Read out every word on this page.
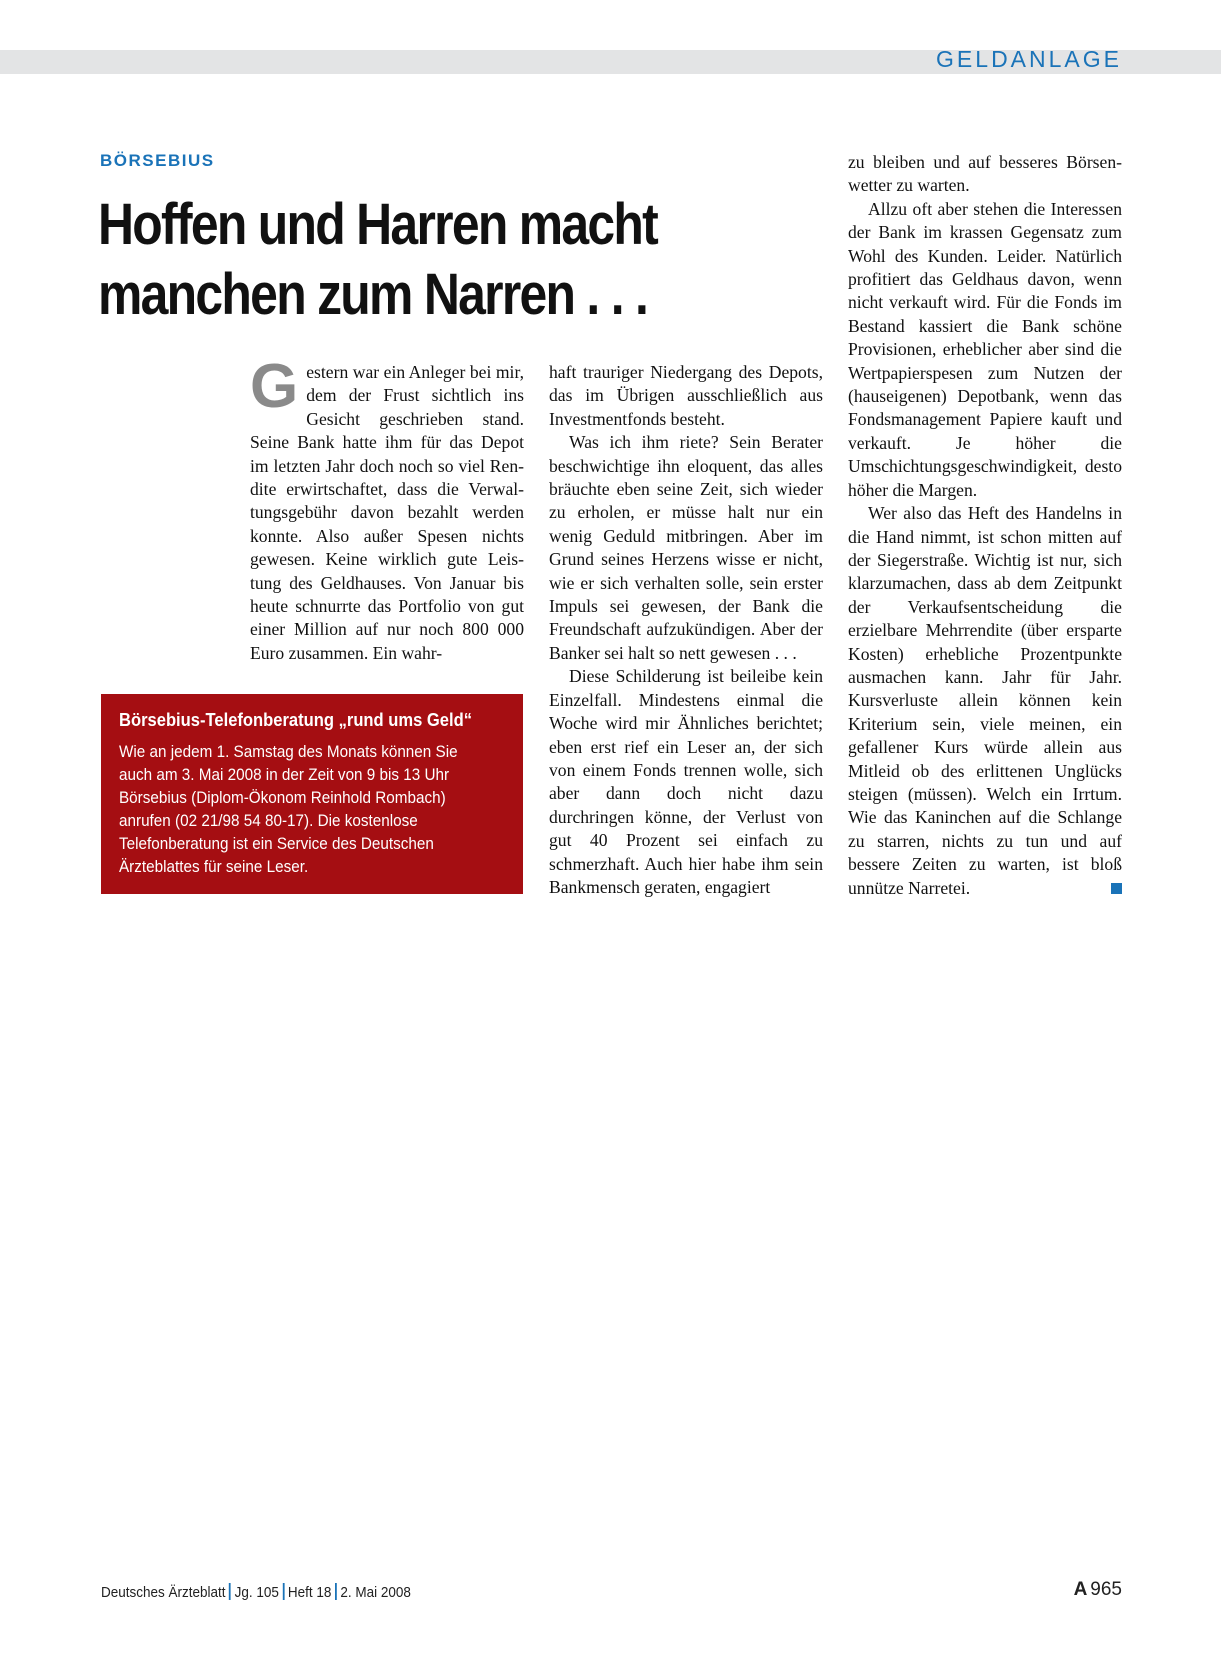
GELDANLAGE
BÖRSEBIUS
Hoffen und Harren macht
manchen zum Narren . . .

Gestern war ein Anleger bei mir, dem der Frust sichtlich ins Gesicht geschrieben stand. Seine Bank hatte ihm für das Depot im letzten Jahr doch noch so viel Rendite erwirtschaftet, dass die Verwaltungsgebühr davon bezahlt werden konnte. Also außer Spesen nichts gewesen. Keine wirklich gute Leistung des Geldhauses. Von Januar bis heute schnurrte das Portfolio von gut einer Million auf nur noch 800 000 Euro zusammen. Ein wahr-

haft trauriger Niedergang des Depots, das im Übrigen ausschließlich aus Investmentfonds besteht.

Was ich ihm riete? Sein Berater beschwichtige ihn eloquent, das alles bräuchte eben seine Zeit, sich wieder zu erholen, er müsse halt nur ein wenig Geduld mitbringen. Aber im Grund seines Herzens wisse er nicht, wie er sich verhalten solle, sein erster Impuls sei gewesen, der Bank die Freundschaft aufzukündigen. Aber der Banker sei halt so nett gewesen . . .

Diese Schilderung ist beileibe kein Einzelfall. Mindestens einmal die Woche wird mir Ähnliches berichtet; eben erst rief ein Leser an, der sich von einem Fonds trennen wolle, sich aber dann doch nicht dazu durchringen könne, der Verlust von gut 40 Prozent sei einfach zu schmerzhaft. Auch hier habe ihm sein Bankmensch geraten, engagiert

zu bleiben und auf besseres Börsenwetter zu warten.

Allzu oft aber stehen die Interessen der Bank im krassen Gegensatz zum Wohl des Kunden. Leider. Natürlich profitiert das Geldhaus davon, wenn nicht verkauft wird. Für die Fonds im Bestand kassiert die Bank schöne Provisionen, erheblicher aber sind die Wertpapierspesen zum Nutzen der (hauseigenen) Depotbank, wenn das Fondsmanagement Papiere kauft und verkauft. Je höher die Umschichtungsgeschwindigkeit, desto höher die Margen.

Wer also das Heft des Handelns in die Hand nimmt, ist schon mitten auf der Siegerstraße. Wichtig ist nur, sich klarzumachen, dass ab dem Zeitpunkt der Verkaufsentscheidung die erzielbare Mehrrendite (über ersparte Kosten) erhebliche Prozentpunkte ausmachen kann. Jahr für Jahr. Kursverluste allein können kein Kriterium sein, viele meinen, ein gefallener Kurs würde allein aus Mitleid ob des erlittenen Unglücks steigen (müssen). Welch ein Irrtum. Wie das Kaninchen auf die Schlange zu starren, nichts zu tun und auf bessere Zeiten zu warten, ist bloß unnütze Narretei.

Börsebius-Telefonberatung „rund ums Geld“
Wie an jedem 1. Samstag des Monats können Sie
auch am 3. Mai 2008 in der Zeit von 9 bis 13 Uhr
Börsebius (Diplom-Ökonom Reinhold Rombach)
anrufen (02 21/98 54 80-17). Die kostenlose
Telefonberatung ist ein Service des Deutschen
Ärzteblattes für seine Leser.
Deutsches Ärzteblatt Jg. 105 Heft 18 2. Mai 2008	A 965
